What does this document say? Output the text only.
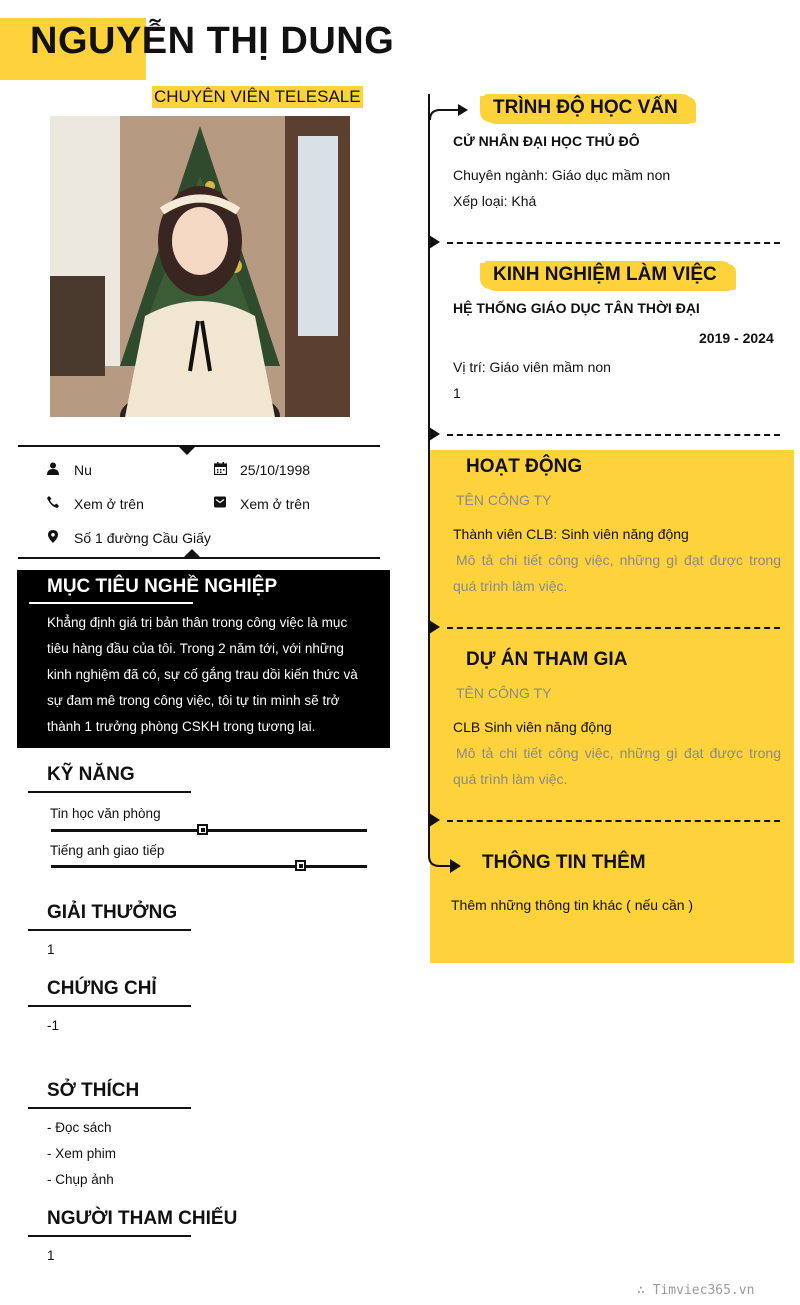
NGUYỄN THỊ DUNG
CHUYÊN VIÊN TELESALE
Nu	25/10/1998
Xem ở trên	Xem ở trên
Số 1 đường Cầu Giấy
MỤC TIÊU NGHỀ NGHIỆP
Khẳng định giá trị bản thân trong công việc là mục tiêu hàng đầu của tôi. Trong 2 năm tới, với những kinh nghiệm đã có, sự cố gắng trau dồi kiến thức và sự đam mê trong công việc, tôi tự tin mình sẽ trở thành 1 trưởng phòng CSKH trong tương lai.
KỸ NĂNG
Tin học văn phòng
Tiếng anh giao tiếp
GIẢI THƯỞNG
1
CHỨNG CHỈ
-1
SỞ THÍCH
- Đọc sách
- Xem phim
- Chụp ảnh
NGƯỜI THAM CHIẾU
1
TRÌNH ĐỘ HỌC VẤN
CỬ NHÂN ĐẠI HỌC THỦ ĐÔ
Chuyên ngành: Giáo dục mầm non
Xếp loại: Khá
KINH NGHIỆM LÀM VIỆC
HỆ THỐNG GIÁO DỤC TÂN THỜI ĐẠI
2019 - 2024
Vị trí: Giáo viên mầm non
1
HOẠT ĐỘNG
TÊN CÔNG TY
Thành viên CLB: Sinh viên năng động
Mô tả chi tiết công việc, những gì đạt được trong quá trình làm việc.
DỰ ÁN THAM GIA
TÊN CÔNG TY
CLB Sinh viên năng động
Mô tả chi tiết công việc, những gì đạt được trong quá trình làm việc.
THÔNG TIN THÊM
Thêm những thông tin khác ( nếu cần )
∴ Timviec365.vn
